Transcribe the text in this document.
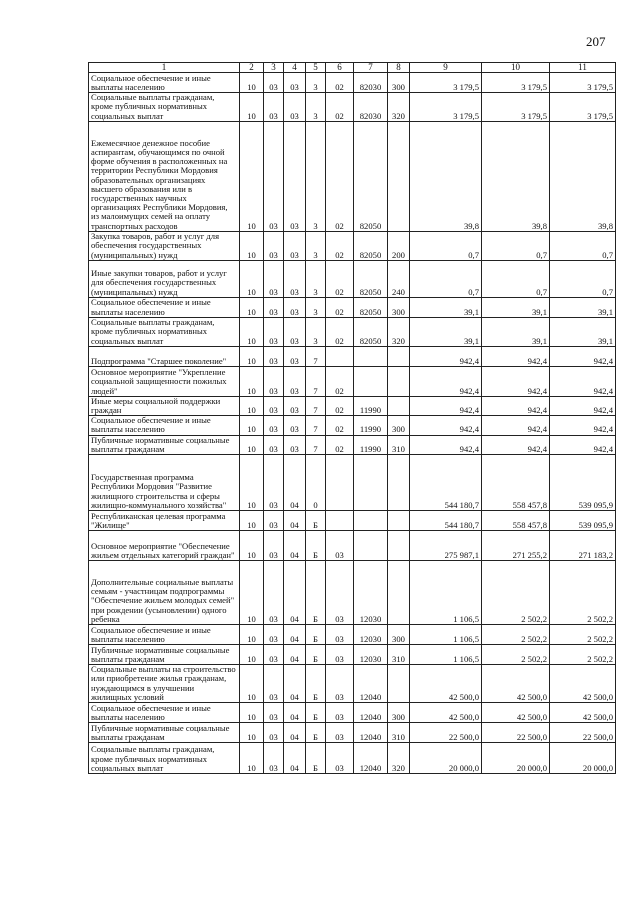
207
1	2	3	4	5	6	7	8	9	10	11
Социальное обеспечение и иные выплаты населению	10	03	03	3	02	82030	300	3 179,5	3 179,5	3 179,5
Социальные выплаты гражданам, кроме публичных нормативных социальных выплат	10	03	03	3	02	82030	320	3 179,5	3 179,5	3 179,5
Ежемесячное денежное пособие аспирантам, обучающимся по очной форме обучения в расположенных на территории Республики Мордовия образовательных организациях высшего образования или в государственных научных организациях Республики Мордовия, из малоимущих семей на оплату транспортных расходов	10	03	03	3	02	82050		39,8	39,8	39,8
Закупка товаров, работ и услуг для обеспечения государственных (муниципальных) нужд	10	03	03	3	02	82050	200	0,7	0,7	0,7
Иные закупки товаров, работ и услуг для обеспечения государственных (муниципальных) нужд	10	03	03	3	02	82050	240	0,7	0,7	0,7
Социальное обеспечение и иные выплаты населению	10	03	03	3	02	82050	300	39,1	39,1	39,1
Социальные выплаты гражданам, кроме публичных нормативных социальных выплат	10	03	03	3	02	82050	320	39,1	39,1	39,1
Подпрограмма "Старшее поколение"	10	03	03	7				942,4	942,4	942,4
Основное мероприятие "Укрепление социальной защищенности пожилых людей"	10	03	03	7	02			942,4	942,4	942,4
Иные меры социальной поддержки граждан	10	03	03	7	02	11990		942,4	942,4	942,4
Социальное обеспечение и иные выплаты населению	10	03	03	7	02	11990	300	942,4	942,4	942,4
Публичные нормативные социальные выплаты гражданам	10	03	03	7	02	11990	310	942,4	942,4	942,4
Государственная программа Республики Мордовия "Развитие жилищного строительства и сферы жилищно-коммунального хозяйства"	10	03	04	0				544 180,7	558 457,8	539 095,9
Республиканская целевая программа "Жилище"	10	03	04	Б				544 180,7	558 457,8	539 095,9
Основное мероприятие "Обеспечение жильем отдельных категорий граждан"	10	03	04	Б	03			275 987,1	271 255,2	271 183,2
Дополнительные социальные выплаты семьям - участницам подпрограммы "Обеспечение жильем молодых семей" при рождении (усыновлении) одного ребенка	10	03	04	Б	03	12030		1 106,5	2 502,2	2 502,2
Социальное обеспечение и иные выплаты населению	10	03	04	Б	03	12030	300	1 106,5	2 502,2	2 502,2
Публичные нормативные социальные выплаты гражданам	10	03	04	Б	03	12030	310	1 106,5	2 502,2	2 502,2
Социальные выплаты на строительство или приобретение жилья гражданам, нуждающимся в улучшении жилищных условий	10	03	04	Б	03	12040		42 500,0	42 500,0	42 500,0
Социальное обеспечение и иные выплаты населению	10	03	04	Б	03	12040	300	42 500,0	42 500,0	42 500,0
Публичные нормативные социальные выплаты гражданам	10	03	04	Б	03	12040	310	22 500,0	22 500,0	22 500,0
Социальные выплаты гражданам, кроме публичных нормативных социальных выплат	10	03	04	Б	03	12040	320	20 000,0	20 000,0	20 000,0
